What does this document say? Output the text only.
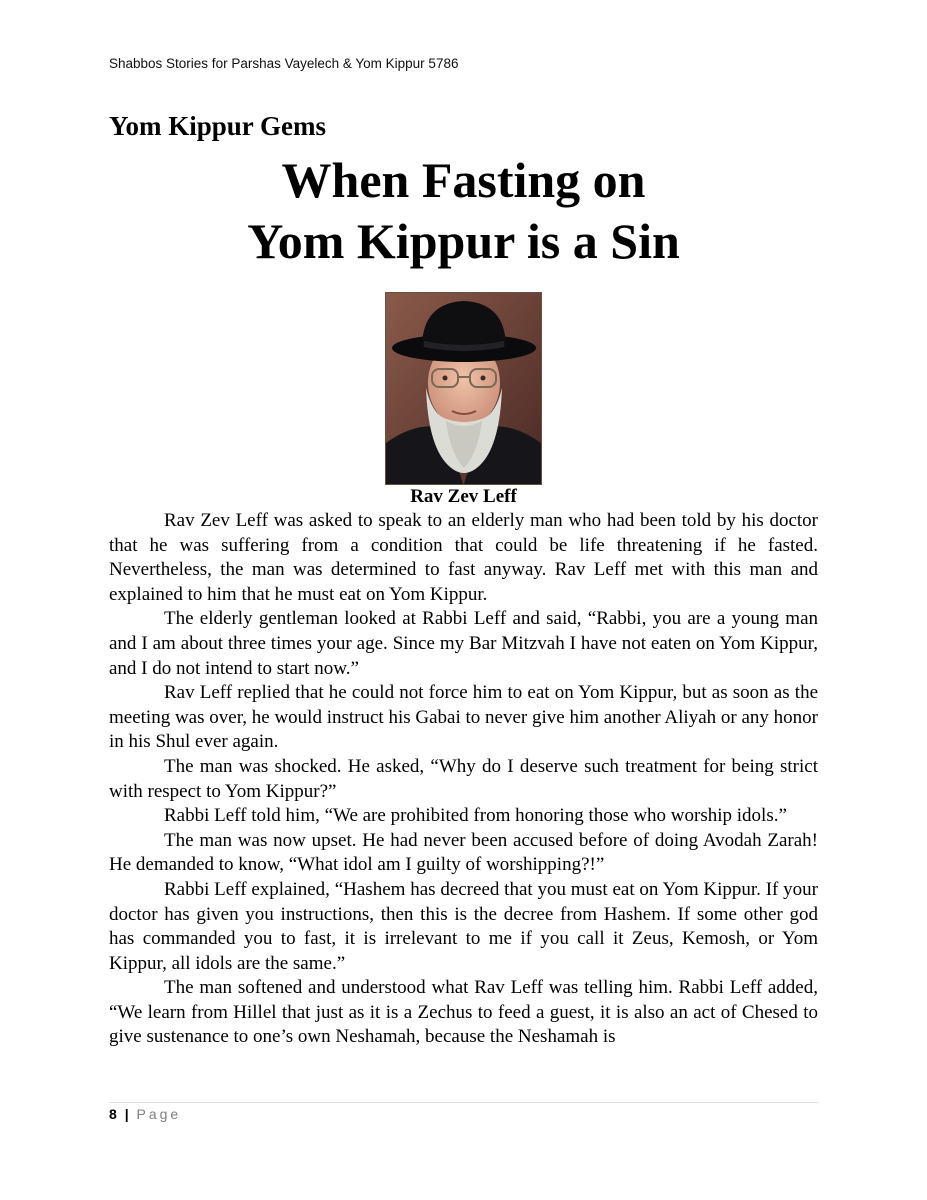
Shabbos Stories for Parshas Vayelech & Yom Kippur 5786
Yom Kippur Gems
When Fasting on
Yom Kippur is a Sin
Rav Zev Leff

Rav Zev Leff was asked to speak to an elderly man who had been told by his doctor that he was suffering from a condition that could be life threatening if he fasted. Nevertheless, the man was determined to fast anyway. Rav Leff met with this man and explained to him that he must eat on Yom Kippur.

The elderly gentleman looked at Rabbi Leff and said, “Rabbi, you are a young man and I am about three times your age. Since my Bar Mitzvah I have not eaten on Yom Kippur, and I do not intend to start now.”

Rav Leff replied that he could not force him to eat on Yom Kippur, but as soon as the meeting was over, he would instruct his Gabai to never give him another Aliyah or any honor in his Shul ever again.

The man was shocked. He asked, “Why do I deserve such treatment for being strict with respect to Yom Kippur?”

Rabbi Leff told him, “We are prohibited from honoring those who worship idols.”

The man was now upset. He had never been accused before of doing Avodah Zarah! He demanded to know, “What idol am I guilty of worshipping?!”

Rabbi Leff explained, “Hashem has decreed that you must eat on Yom Kippur. If your doctor has given you instructions, then this is the decree from Hashem. If some other god has commanded you to fast, it is irrelevant to me if you call it Zeus, Kemosh, or Yom Kippur, all idols are the same.”

The man softened and understood what Rav Leff was telling him. Rabbi Leff added, “We learn from Hillel that just as it is a Zechus to feed a guest, it is also an act of Chesed to give sustenance to one’s own Neshamah, because the Neshamah is

8 | Page
